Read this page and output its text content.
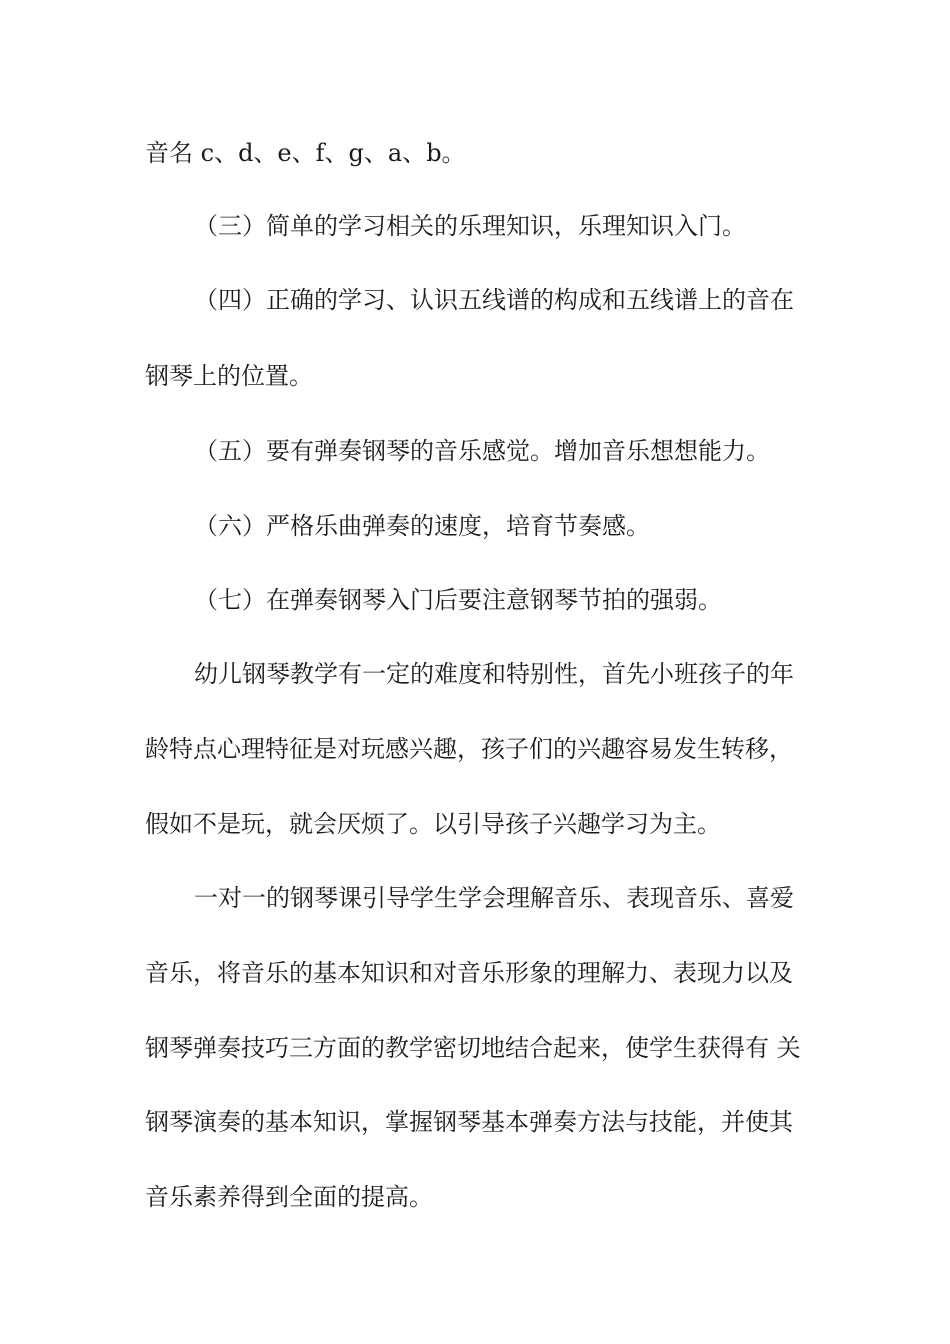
音名 c、d、e、f、g、a、b。

（三）简单的学习相关的乐理知识，乐理知识入门。

（四）正确的学习、认识五线谱的构成和五线谱上的音在

钢琴上的位置。

（五）要有弹奏钢琴的音乐感觉。增加音乐想想能力。

（六）严格乐曲弹奏的速度，培育节奏感。

（七）在弹奏钢琴入门后要注意钢琴节拍的强弱。

幼儿钢琴教学有一定的难度和特别性，首先小班孩子的年

龄特点心理特征是对玩感兴趣，孩子们的兴趣容易发生转移，

假如不是玩，就会厌烦了。以引导孩子兴趣学习为主。

一对一的钢琴课引导学生学会理解音乐、表现音乐、喜爱

音乐，将音乐的基本知识和对音乐形象的理解力、表现力以及

钢琴弹奏技巧三方面的教学密切地结合起来，使学生获得有 关

钢琴演奏的基本知识，掌握钢琴基本弹奏方法与技能，并使其

音乐素养得到全面的提高。
